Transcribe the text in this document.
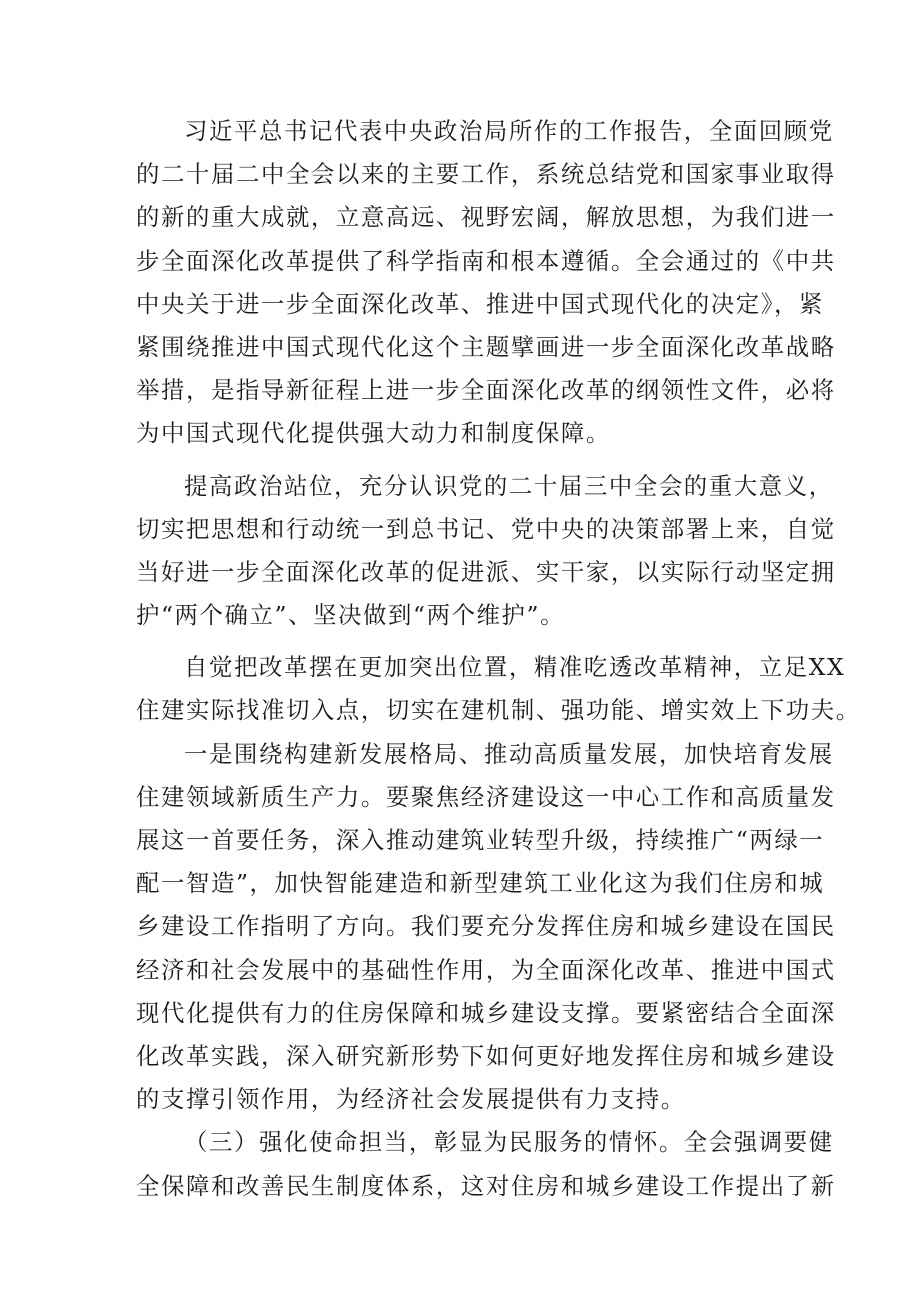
习近平总书记代表中央政治局所作的工作报告，全面回顾党
的二十届二中全会以来的主要工作，系统总结党和国家事业取得
的新的重大成就，立意高远、视野宏阔，解放思想，为我们进一
步全面深化改革提供了科学指南和根本遵循。全会通过的《中共
中央关于进一步全面深化改革、推进中国式现代化的决定》，紧
紧围绕推进中国式现代化这个主题擘画进一步全面深化改革战略
举措，是指导新征程上进一步全面深化改革的纲领性文件，必将
为中国式现代化提供强大动力和制度保障。
提高政治站位，充分认识党的二十届三中全会的重大意义，
切实把思想和行动统一到总书记、党中央的决策部署上来，自觉
当好进一步全面深化改革的促进派、实干家，以实际行动坚定拥
护“两个确立”、坚决做到“两个维护”。
自觉把改革摆在更加突出位置，精准吃透改革精神，立足XX
住建实际找准切入点，切实在建机制、强功能、增实效上下功夫。
一是围绕构建新发展格局、推动高质量发展，加快培育发展
住建领域新质生产力。要聚焦经济建设这一中心工作和高质量发
展这一首要任务，深入推动建筑业转型升级，持续推广“两绿一
配一智造”，加快智能建造和新型建筑工业化这为我们住房和城
乡建设工作指明了方向。我们要充分发挥住房和城乡建设在国民
经济和社会发展中的基础性作用，为全面深化改革、推进中国式
现代化提供有力的住房保障和城乡建设支撑。要紧密结合全面深
化改革实践，深入研究新形势下如何更好地发挥住房和城乡建设
的支撑引领作用，为经济社会发展提供有力支持。
（三）强化使命担当，彰显为民服务的情怀。全会强调要健
全保障和改善民生制度体系，这对住房和城乡建设工作提出了新
